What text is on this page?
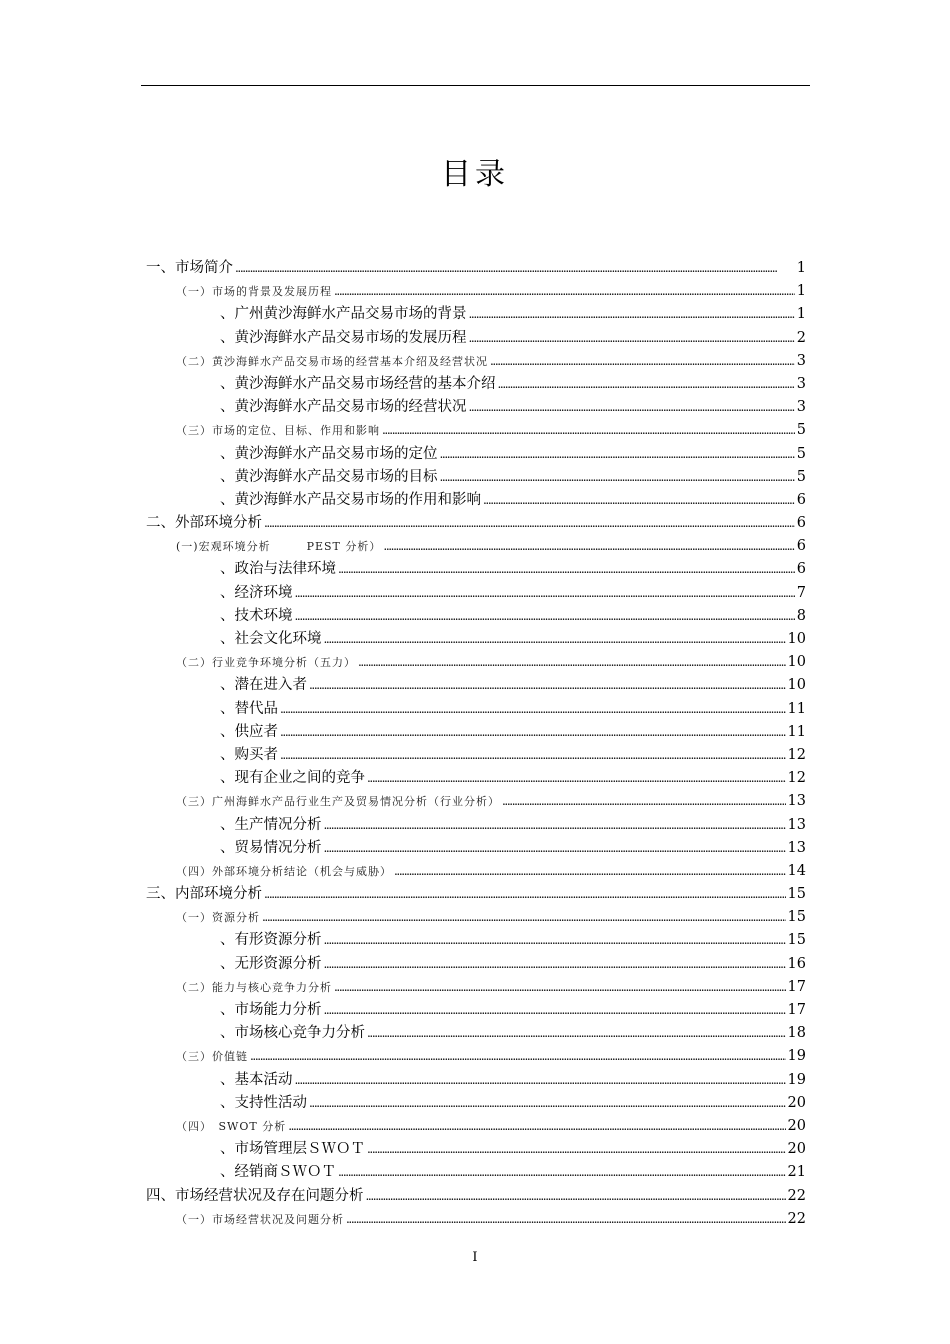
目录
一、市场简介 . . .	1
（一）市场的背景及发展历程 . . .	1
、广州黄沙海鲜水产品交易市场的背景 . . .	1
、黄沙海鲜水产品交易市场的发展历程 . . .	2
（二）黄沙海鲜水产品交易市场的经营基本介绍及经营状况 . . .	3
、黄沙海鲜水产品交易市场经营的基本介绍 . . .	3
、黄沙海鲜水产品交易市场的经营状况 . . .	3
（三）市场的定位、目标、作用和影响 . . .	5
、黄沙海鲜水产品交易市场的定位 . . .	5
、黄沙海鲜水产品交易市场的目标 . . .	5
、黄沙海鲜水产品交易市场的作用和影响 . . .	6
二、外部环境分析 . . .	6
(一)宏观环境分析　　　PEST 分析） . . .	6
、政治与法律环境 . . .	6
、经济环境 . . .	7
、技术环境 . . .	8
、社会文化环境 . . .	10
（二）行业竞争环境分析（五力） . . .	10
、潜在进入者 . . .	10
、替代品 . . .	11
、供应者 . . .	11
、购买者 . . .	12
、现有企业之间的竞争 . . .	12
（三）广州海鲜水产品行业生产及贸易情况分析（行业分析） . . .	13
、生产情况分析 . . .	13
、贸易情况分析 . . .	13
（四）外部环境分析结论（机会与威胁） . . .	14
三、内部环境分析 . . .	15
（一）资源分析 . . .	15
、有形资源分析 . . .	15
、无形资源分析 . . .	16
（二）能力与核心竞争力分析 . . .	17
、市场能力分析 . . .	17
、市场核心竞争力分析 . . .	18
（三）价值链 . . .	19
、基本活动 . . .	19
、支持性活动 . . .	20
（四）　SWOT 分析 . . .	20
、市场管理层ＳＷＯＴ . . .	20
、经销商ＳＷＯＴ . . .	21
四、市场经营状况及存在问题分析 . . .	22
（一）市场经营状况及问题分析 . . .	22
I
